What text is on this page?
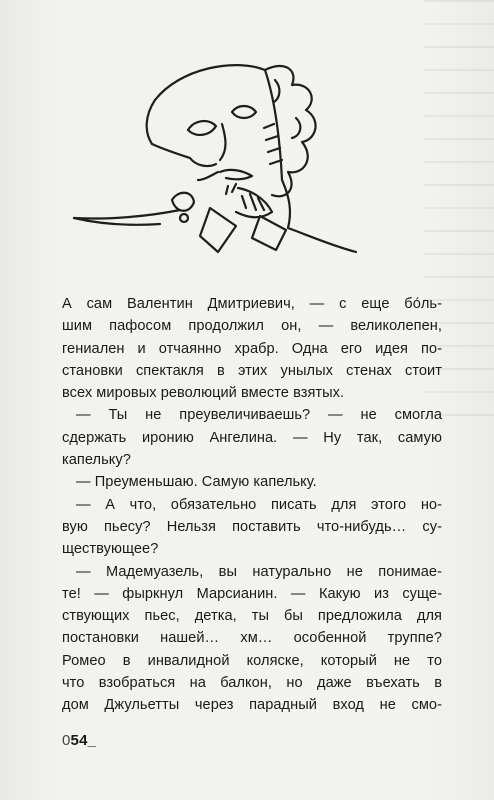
А сам Валентин Дмитриевич, — с еще бо́ль-
шим пафосом продолжил он, — великолепен,
гениален и отчаянно храбр. Одна его идея по-
становки спектакля в этих унылых стенах стоит
всех мировых революций вместе взятых.
— Ты не преувеличиваешь? — не смогла
сдержать иронию Ангелина. — Ну так, самую
капельку?
— Преуменьшаю. Самую капельку.
— А что, обязательно писать для этого но-
вую пьесу? Нельзя поставить что-нибудь… су-
ществующее?
— Мадемуазель, вы натурально не понимае-
те! — фыркнул Марсианин. — Какую из суще-
ствующих пьес, детка, ты бы предложила для
постановки нашей… хм… особенной труппе?
Ромео в инвалидной коляске, который не то
что взобраться на балкон, но даже въехать в
дом Джульетты через парадный вход не смо-
054_
